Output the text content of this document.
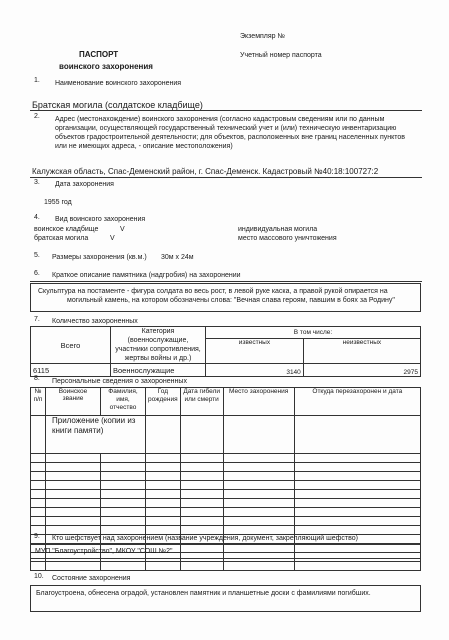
Экземпляр №
Учетный номер паспорта
ПАСПОРТ
воинского захоронения
1. Наименование воинского захоронения
Братская могила (солдатское кладбище)
2. Адрес (местонахождение) воинского захоронения (согласно кадастровым сведениям или по данным
организации, осуществляющей государственный технический учет и (или) техническую инвентаризацию
объектов градостроительной деятельности; для объектов, расположенных вне границ населенных пунктов
или не имеющих адреса, - описание местоположения)
Калужская область, Спас-Деменский район, г. Спас-Деменск. Кадастровый №40:18:100727:2
3. Дата захоронения
1955 год
4. Вид воинского захоронения
воинское кладбище	V
братская могила	V
индивидуальная могила
место массового уничтожения
5. Размеры захоронения (кв.м.) 30м х 24м
6. Краткое описание памятника (надгробия) на захоронении
Скульптура на постаменте - фигура солдата во весь рост, в левой руке каска, а правой рукой опирается на
могильный камень, на котором обозначены слова: "Вечная слава героям, павшим в боях за Родину"
7. Количество захороненных
Всего	Категория (военнослужащие, участники сопротивления, жертвы войны и др.)	В том числе:	
		известных	неизвестных
6115	Военнослужащие	3140	2975
8. Персональные сведения о захороненных
№ п/п	Воинское звание	Фамилия, имя, отчество	Год рождения	Дата гибели или смерти	Место захоронения	Откуда перезахоронен и дата
	Приложение (копии из книги памяти)					

9. Кто шефствует над захоронением (название учреждения, документ, закрепляющий шефство)
МУП "Благоустройство", МКОУ "СОШ №2"
10. Состояние захоронения
Благоустроена, обнесена оградой, установлен памятник и планшетные доски с фамилиями погибших.
